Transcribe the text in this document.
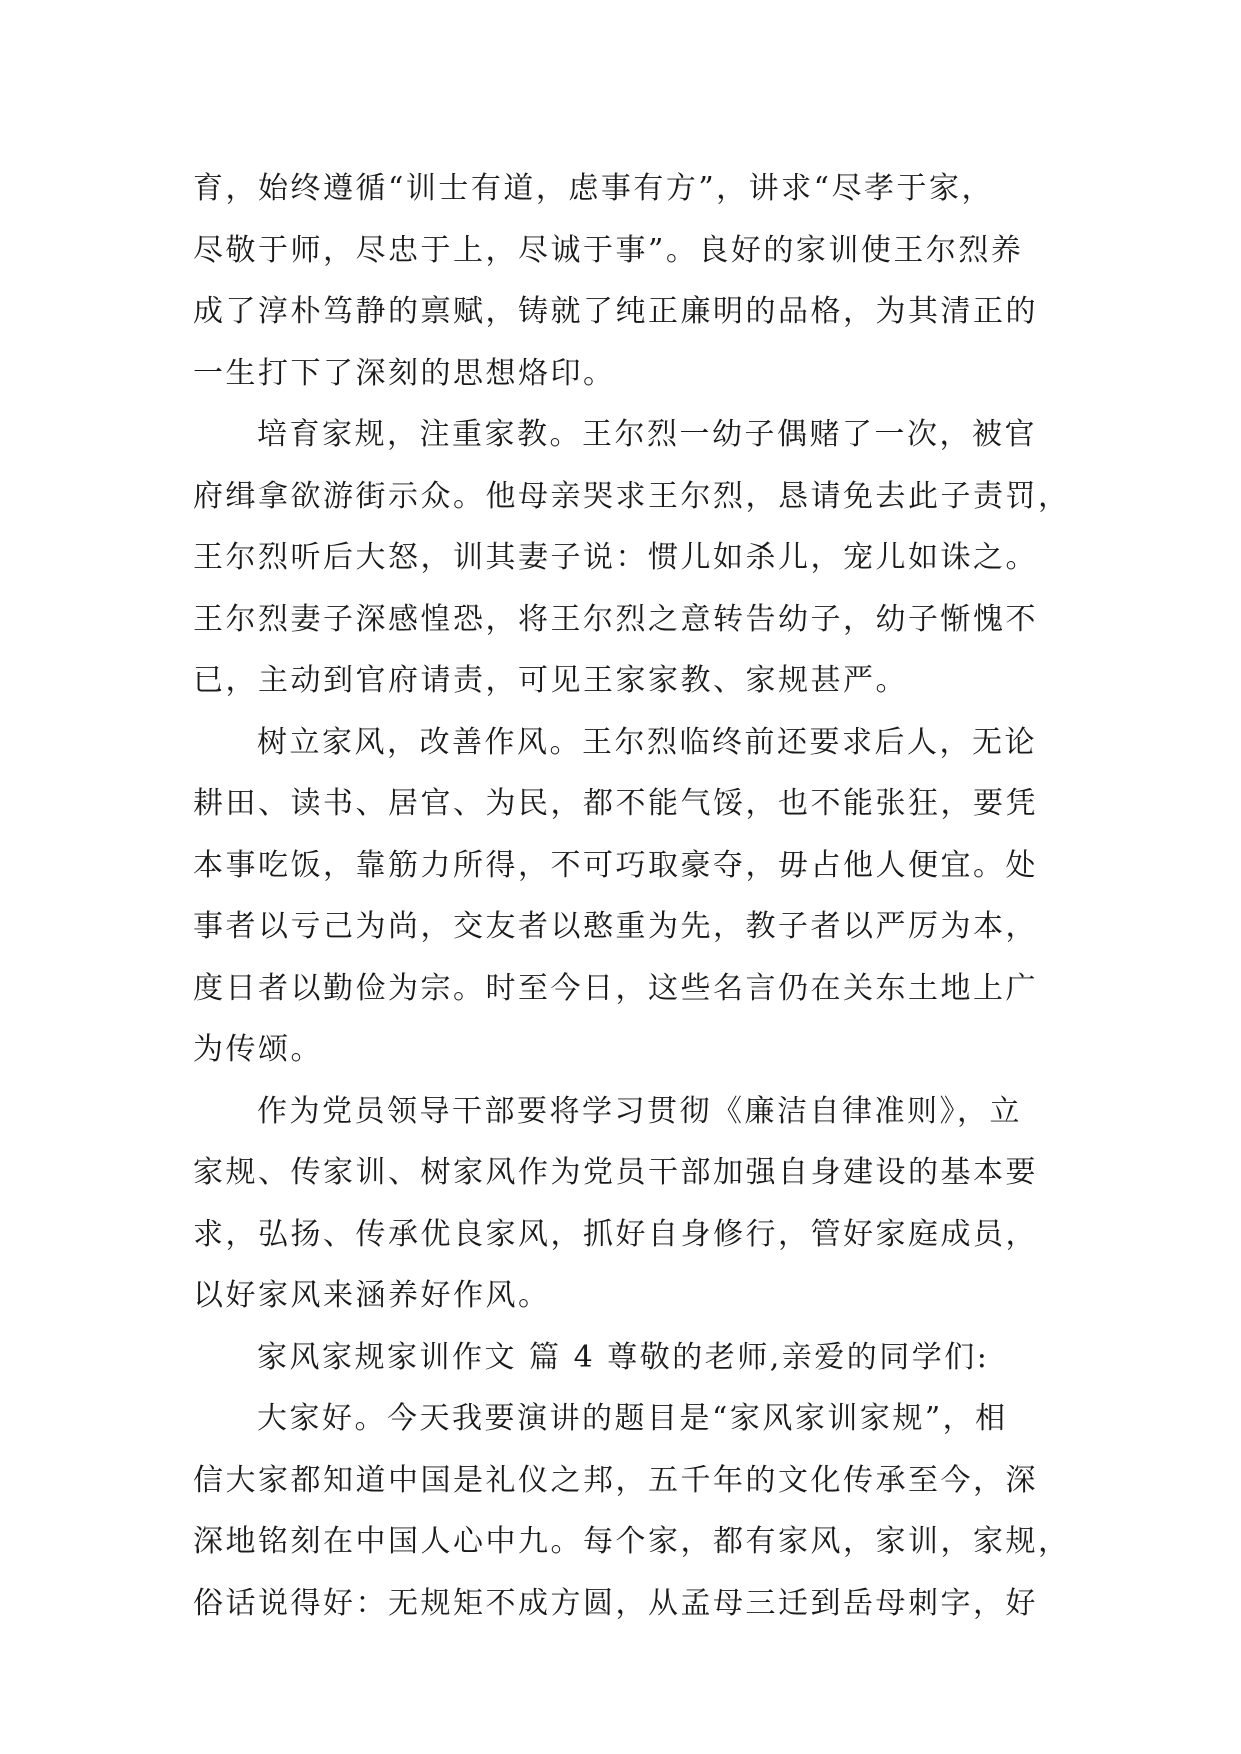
育，始终遵循“训士有道，虑事有方”，讲求“尽孝于家，
尽敬于师，尽忠于上，尽诚于事”。良好的家训使王尔烈养
成了淳朴笃静的禀赋，铸就了纯正廉明的品格，为其清正的
一生打下了深刻的思想烙印。
培育家规，注重家教。王尔烈一幼子偶赌了一次，被官
府缉拿欲游街示众。他母亲哭求王尔烈，恳请免去此子责罚，
王尔烈听后大怒，训其妻子说：惯儿如杀儿，宠儿如诛之。
王尔烈妻子深感惶恐，将王尔烈之意转告幼子，幼子惭愧不
已，主动到官府请责，可见王家家教、家规甚严。
树立家风，改善作风。王尔烈临终前还要求后人，无论
耕田、读书、居官、为民，都不能气馁，也不能张狂，要凭
本事吃饭，靠筋力所得，不可巧取豪夺，毋占他人便宜。处
事者以亏己为尚，交友者以憨重为先，教子者以严厉为本，
度日者以勤俭为宗。时至今日，这些名言仍在关东土地上广
为传颂。
作为党员领导干部要将学习贯彻《廉洁自律准则》，立
家规、传家训、树家风作为党员干部加强自身建设的基本要
求，弘扬、传承优良家风，抓好自身修行，管好家庭成员，
以好家风来涵养好作风。
家风家规家训作文 篇 4 尊敬的老师,亲爱的同学们:
大家好。今天我要演讲的题目是“家风家训家规”，相
信大家都知道中国是礼仪之邦，五千年的文化传承至今，深
深地铭刻在中国人心中九。每个家，都有家风，家训，家规，
俗话说得好：无规矩不成方圆，从孟母三迁到岳母刺字，好
